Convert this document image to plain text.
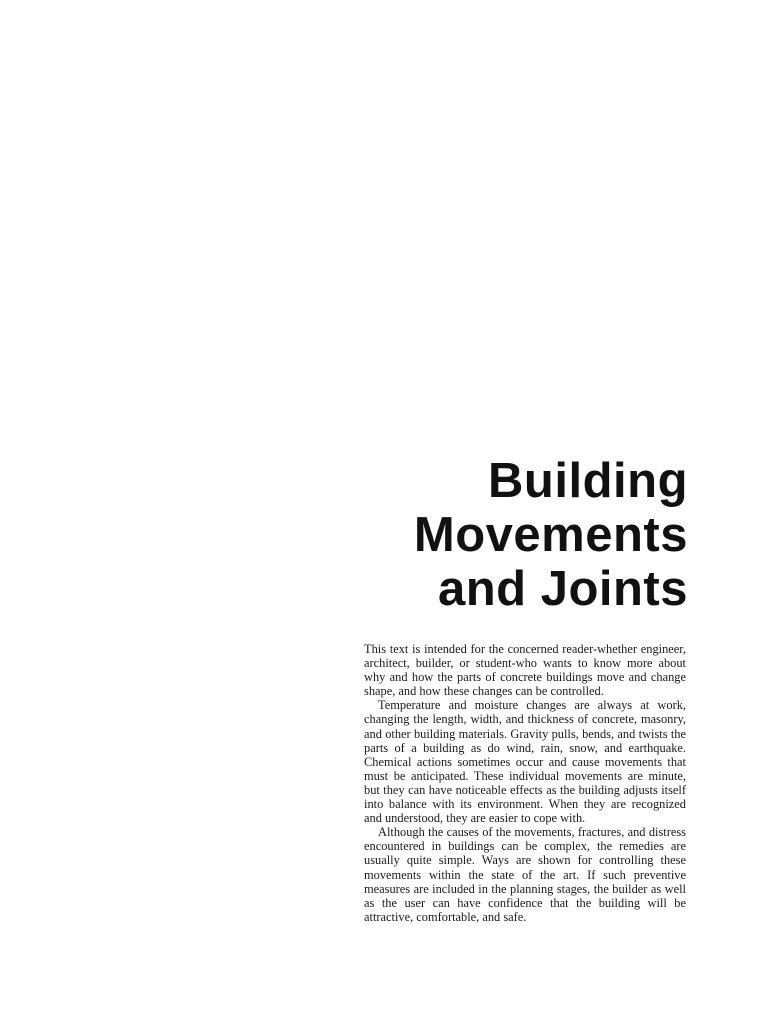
Building
Movements
and Joints

This text is intended for the concerned reader-whether engineer, architect, builder, or student-who wants to know more about why and how the parts of concrete buildings move and change shape, and how these changes can be controlled.

Temperature and moisture changes are always at work, changing the length, width, and thickness of concrete, masonry, and other building materials. Gravity pulls, bends, and twists the parts of a building as do wind, rain, snow, and earthquake. Chemical actions sometimes occur and cause movements that must be anticipated. These individual movements are minute, but they can have noticeable effects as the building adjusts itself into balance with its environment. When they are recognized and understood, they are easier to cope with.

Although the causes of the movements, fractures, and distress encountered in buildings can be complex, the remedies are usually quite simple. Ways are shown for controlling these movements within the state of the art. If such preventive measures are included in the planning stages, the builder as well as the user can have confidence that the building will be attractive, comfortable, and safe.
